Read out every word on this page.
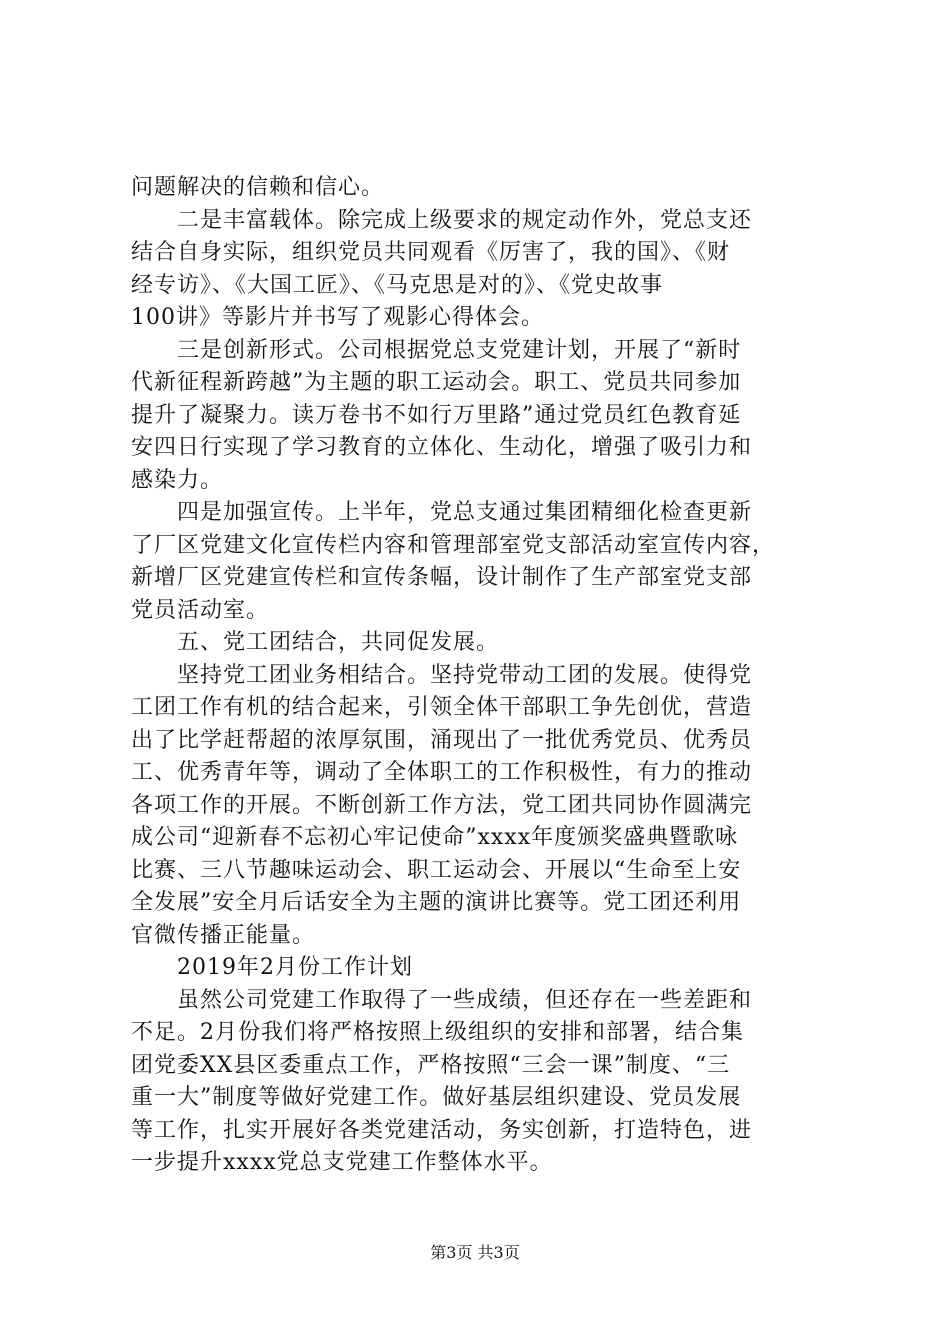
问题解决的信赖和信心。

二是丰富载体。除完成上级要求的规定动作外，党总支还

结合自身实际，组织党员共同观看《厉害了，我的国》、《财

经专访》、《大国工匠》、《马克思是对的》、《党史故事

100讲》等影片并书写了观影心得体会。

三是创新形式。公司根据党总支党建计划，开展了“新时

代新征程新跨越”为主题的职工运动会。职工、党员共同参加

提升了凝聚力。读万卷书不如行万里路”通过党员红色教育延

安四日行实现了学习教育的立体化、生动化，增强了吸引力和

感染力。

四是加强宣传。上半年，党总支通过集团精细化检查更新

了厂区党建文化宣传栏内容和管理部室党支部活动室宣传内容，

新增厂区党建宣传栏和宣传条幅，设计制作了生产部室党支部

党员活动室。

五、党工团结合，共同促发展。

坚持党工团业务相结合。坚持党带动工团的发展。使得党

工团工作有机的结合起来，引领全体干部职工争先创优，营造

出了比学赶帮超的浓厚氛围，涌现出了一批优秀党员、优秀员

工、优秀青年等，调动了全体职工的工作积极性，有力的推动

各项工作的开展。不断创新工作方法，党工团共同协作圆满完

成公司“迎新春不忘初心牢记使命”xxxx年度颁奖盛典暨歌咏

比赛、三八节趣味运动会、职工运动会、开展以“生命至上安

全发展”安全月后话安全为主题的演讲比赛等。党工团还利用

官微传播正能量。

2019年2月份工作计划

虽然公司党建工作取得了一些成绩，但还存在一些差距和

不足。2月份我们将严格按照上级组织的安排和部署，结合集

团党委XX县区委重点工作，严格按照“三会一课”制度、“三

重一大”制度等做好党建工作。做好基层组织建设、党员发展

等工作，扎实开展好各类党建活动，务实创新，打造特色，进

一步提升xxxx党总支党建工作整体水平。

第3页 共3页
